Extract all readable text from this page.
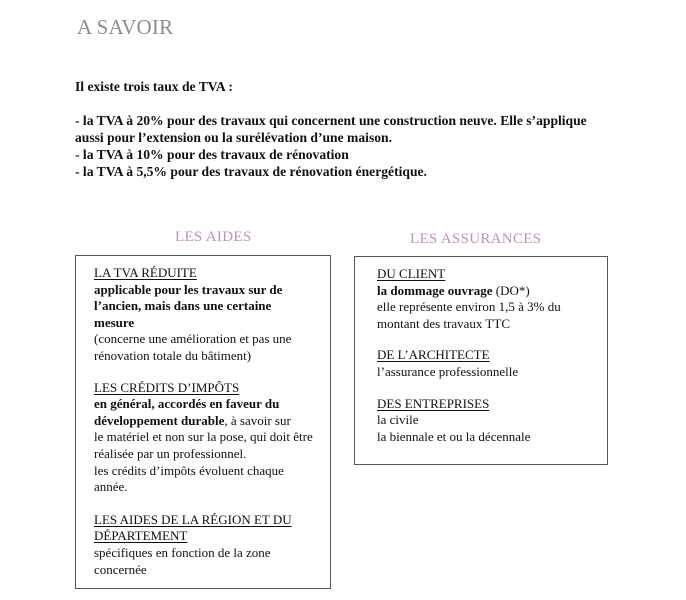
A SAVOIR

Il existe trois taux de TVA :

- la TVA à 20% pour des travaux qui concernent une construction neuve. Elle s’applique

aussi pour l’extension ou la surélévation d’une maison.

- la TVA à 10% pour des travaux de rénovation

- la TVA à 5,5% pour des travaux de rénovation énergétique.

LES AIDES
LA TVA RÉDUITE
applicable pour les travaux sur de
l’ancien, mais dans une certaine
mesure
(concerne une amélioration et pas une
rénovation totale du bâtiment)
LES CRÉDITS D’IMPÔTS
en général, accordés en faveur du
développement durable, à savoir sur
le matériel et non sur la pose, qui doit être
réalisée par un professionnel.
les crédits d’impôts évoluent chaque
année.
LES AIDES DE LA RÉGION ET DU
DÉPARTEMENT
spécifiques en fonction de la zone
concernée
LES ASSURANCES
DU CLIENT
la dommage ouvrage (DO*)
elle représente environ 1,5 à 3% du
montant des travaux TTC
DE L’ARCHITECTE
l’assurance professionnelle
DES ENTREPRISES
la civile
la biennale et ou la décennale
